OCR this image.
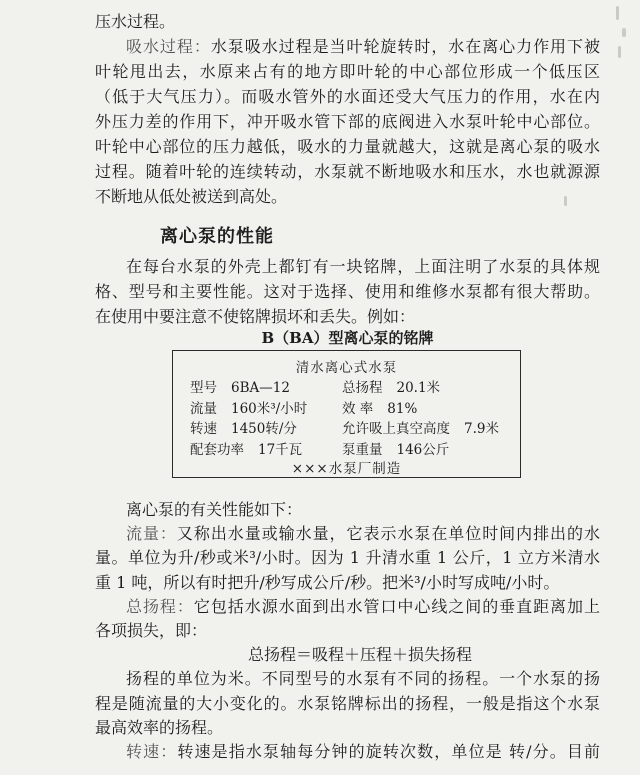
压水过程。
吸水过程：水泵吸水过程是当叶轮旋转时，水在离心力作用下被
叶轮甩出去，水原来占有的地方即叶轮的中心部位形成一个低压区
（低于大气压力）。而吸水管外的水面还受大气压力的作用，水在内
外压力差的作用下，冲开吸水管下部的底阀进入水泵叶轮中心部位。
叶轮中心部位的压力越低，吸水的力量就越大，这就是离心泵的吸水
过程。随着叶轮的连续转动，水泵就不断地吸水和压水，水也就源源
不断地从低处被送到高处。
离心泵的性能
在每台水泵的外壳上都钉有一块铭牌，上面注明了水泵的具体规
格、型号和主要性能。这对于选择、使用和维修水泵都有很大帮助。
在使用中要注意不使铭牌损坏和丢失。例如：
B（BA）型离心泵的铭牌
清水离心式水泵
型号 6BA—12	总扬程 20.1米
流量 160米³/小时	效 率 81%
转速 1450转/分	允许吸上真空高度 7.9米
配套功率 17千瓦	泵重量 146公斤
×××水泵厂制造
离心泵的有关性能如下：
流量：又称出水量或输水量，它表示水泵在单位时间内排出的水
量。单位为升/秒或米³/小时。因为 1 升清水重 1 公斤，1 立方米清水
重 1 吨，所以有时把升/秒写成公斤/秒。把米³/小时写成吨/小时。
总扬程：它包括水源水面到出水管口中心线之间的垂直距离加上
各项损失，即：
总扬程＝吸程＋压程＋损失扬程
扬程的单位为米。不同型号的水泵有不同的扬程。一个水泵的扬
程是随流量的大小变化的。水泵铭牌标出的扬程，一般是指这个水泵
最高效率的扬程。
转速：转速是指水泵轴每分钟的旋转次数，单位是 转/分。目前
